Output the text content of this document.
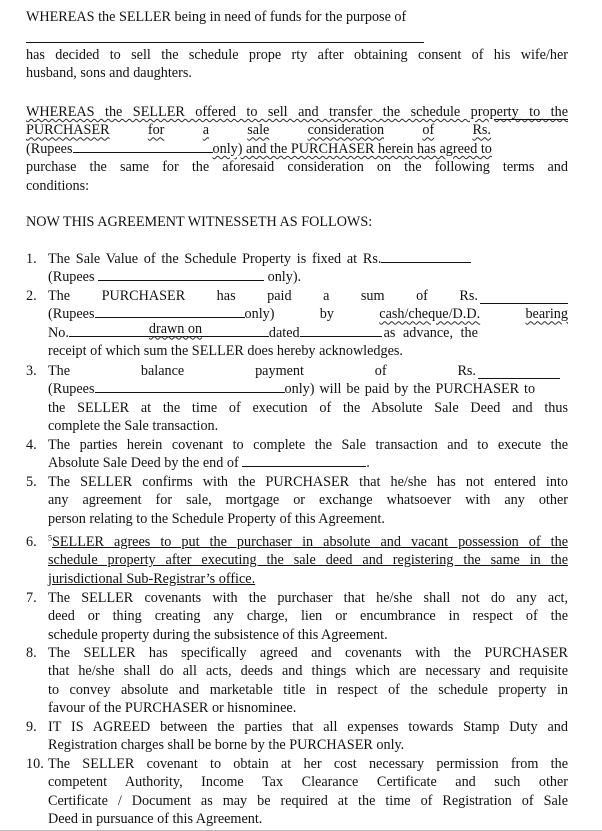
WHEREAS the SELLER being in need of funds for the purpose of
has decided to sell the schedule prope rty after obtaining consent of his wife/her
husband, sons and daughters.
WHEREAS the SELLER offered to sell and transfer the schedule property to the
PURCHASER	for	a	sale	consideration	of	Rs.
(Rupees	only) and the PURCHASER herein has agreed to
purchase the same for the aforesaid consideration on the following terms and
conditions:
NOW THIS AGREEMENT WITNESSETH AS FOLLOWS:
1. The Sale Value of the Schedule Property is fixed at Rs.
(Rupees	only).
2. The PURCHASER has paid a sum of Rs.
(Rupees	only)	by	cash/cheque/D.D.	bearing
No.	drawn on	dated	as advance, the
receipt of which sum the SELLER does hereby acknowledges.
3. The	balance	payment	of	Rs.
(Rupees	only) will be paid by the PURCHASER to
the SELLER at the time of execution of the Absolute Sale Deed and thus
complete the Sale transaction.
4. The parties herein covenant to complete the Sale transaction and to execute the
Absolute Sale Deed by the end of	.
5. The SELLER confirms with the PURCHASER that he/she has not entered into
any agreement for sale, mortgage or exchange whatsoever with any other
person relating to the Schedule Property of this Agreement.
6.	$^5$SELLER agrees to put the purchaser in absolute and vacant possession of the
schedule property after executing the sale deed and registering the same in the
jurisdictional Sub-Registrar’s office.
7. The SELLER covenants with the purchaser that he/she shall not do any act,
deed or thing creating any charge, lien or encumbrance in respect of the
schedule property during the subsistence of this Agreement.
8. The SELLER has specifically agreed and covenants with the PURCHASER
that he/she shall do all acts, deeds and things which are necessary and requisite
to convey absolute and marketable title in respect of the schedule property in
favour of the PURCHASER or hisnominee.
9. IT IS AGREED between the parties that all expenses towards Stamp Duty and
Registration charges shall be borne by the PURCHASER only.
10. The SELLER covenant to obtain at her cost necessary permission from the
competent Authority, Income Tax Clearance Certificate and such other
Certificate / Document as may be required at the time of Registration of Sale
Deed in pursuance of this Agreement.
